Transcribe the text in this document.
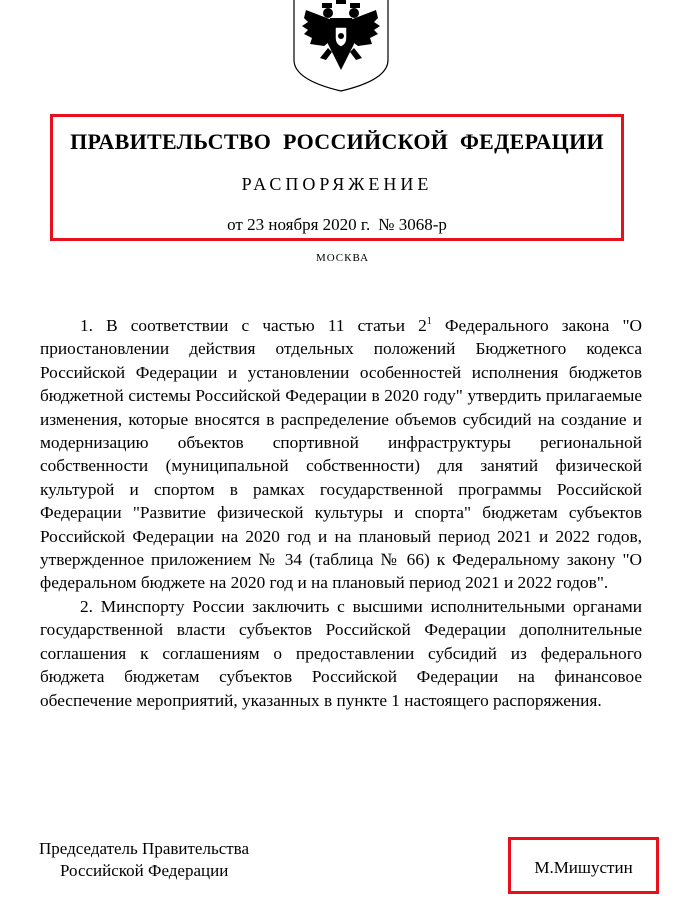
ПРАВИТЕЛЬСТВО РОССИЙСКОЙ ФЕДЕРАЦИИ
РАСПОРЯЖЕНИЕ
от 23 ноября 2020 г. № 3068-р
МОСКВА

1. В соответствии с частью 11 статьи $2^1$ Федерального закона "О приостановлении действия отдельных положений Бюджетного кодекса Российской Федерации и установлении особенностей исполнения бюджетов бюджетной системы Российской Федерации в 2020 году" утвердить прилагаемые изменения, которые вносятся в распределение объемов субсидий на создание и модернизацию объектов спортивной инфраструктуры региональной собственности (муниципальной собственности) для занятий физической культурой и спортом в рамках государственной программы Российской Федерации "Развитие физической культуры и спорта" бюджетам субъектов Российской Федерации на 2020 год и на плановый период 2021 и 2022 годов, утвержденное приложением № 34 (таблица № 66) к Федеральному закону "О федеральном бюджете на 2020 год и на плановый период 2021 и 2022 годов".

2. Минспорту России заключить с высшими исполнительными органами государственной власти субъектов Российской Федерации дополнительные соглашения к соглашениям о предоставлении субсидий из федерального бюджета бюджетам субъектов Российской Федерации на финансовое обеспечение мероприятий, указанных в пункте 1 настоящего распоряжения.

Председатель Правительства
Российской Федерации	М.Мишустин
